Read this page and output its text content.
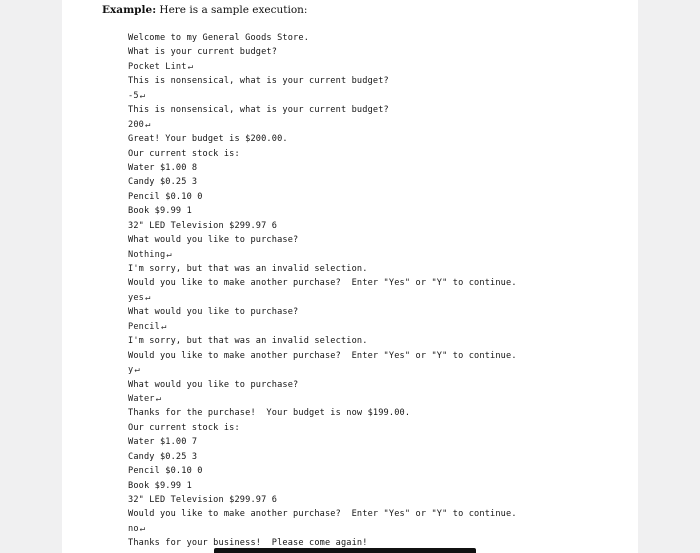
Example: Here is a sample execution:
Welcome to my General Goods Store.
What is your current budget?
Pocket Lint↵
This is nonsensical, what is your current budget?
-5↵
This is nonsensical, what is your current budget?
200↵
Great! Your budget is $200.00.
Our current stock is:
Water $1.00 8
Candy $0.25 3
Pencil $0.10 0
Book $9.99 1
32" LED Television $299.97 6
What would you like to purchase?
Nothing↵
I'm sorry, but that was an invalid selection.
Would you like to make another purchase?  Enter "Yes" or "Y" to continue.
yes↵
What would you like to purchase?
Pencil↵
I'm sorry, but that was an invalid selection.
Would you like to make another purchase?  Enter "Yes" or "Y" to continue.
y↵
What would you like to purchase?
Water↵
Thanks for the purchase!  Your budget is now $199.00.
Our current stock is:
Water $1.00 7
Candy $0.25 3
Pencil $0.10 0
Book $9.99 1
32" LED Television $299.97 6
Would you like to make another purchase?  Enter "Yes" or "Y" to continue.
no↵
Thanks for your business!  Please come again!
